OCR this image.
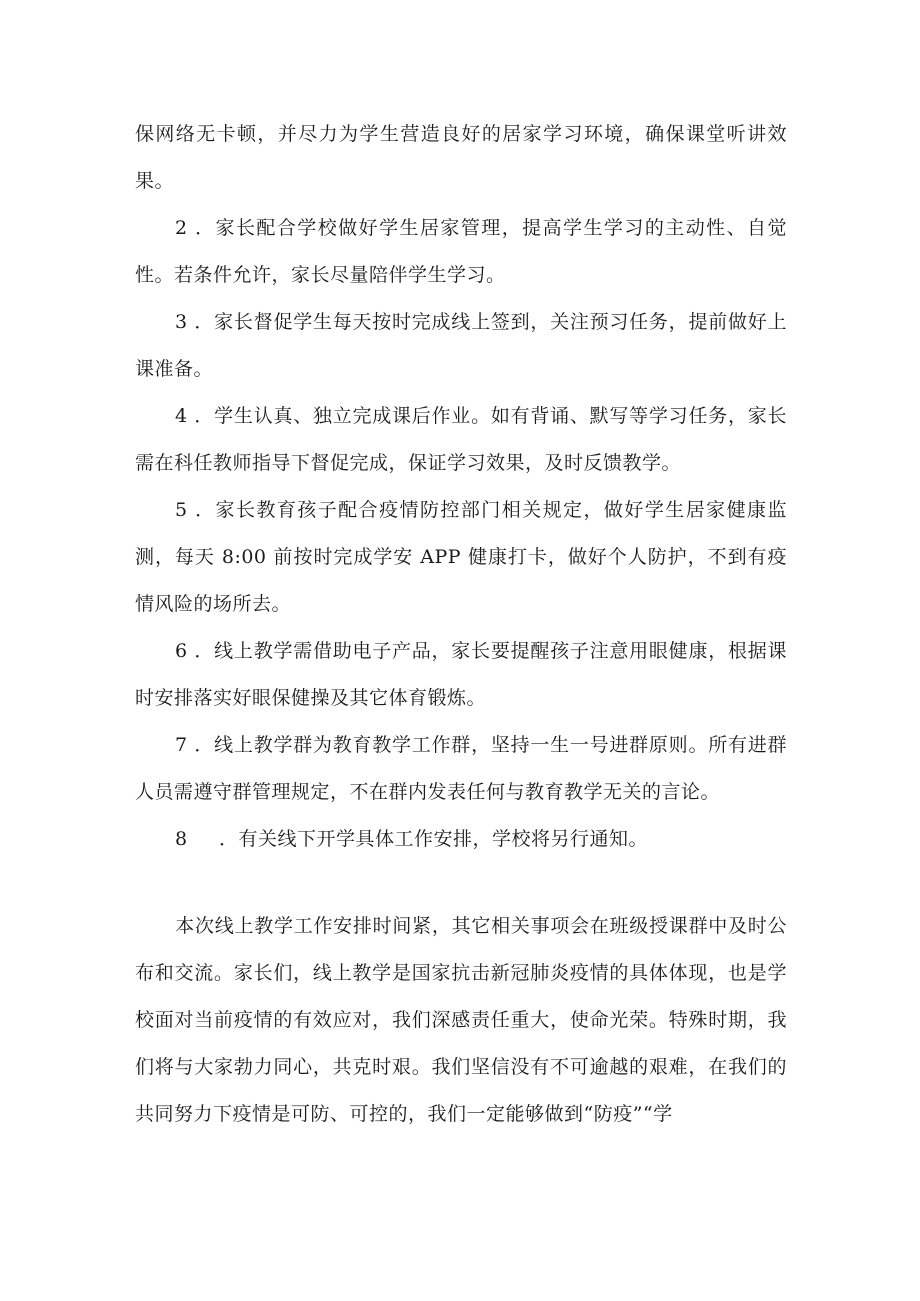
保网络无卡顿，并尽力为学生营造良好的居家学习环境，确保课堂听讲效果。

2 ．家长配合学校做好学生居家管理，提高学生学习的主动性、自觉性。若条件允许，家长尽量陪伴学生学习。

3 ．家长督促学生每天按时完成线上签到，关注预习任务，提前做好上课准备。

4 ．学生认真、独立完成课后作业。如有背诵、默写等学习任务，家长需在科任教师指导下督促完成，保证学习效果，及时反馈教学。

5 ．家长教育孩子配合疫情防控部门相关规定，做好学生居家健康监测，每天 8:00 前按时完成学安 APP 健康打卡，做好个人防护，不到有疫情风险的场所去。

6 ．线上教学需借助电子产品，家长要提醒孩子注意用眼健康，根据课时安排落实好眼保健操及其它体育锻炼。

7 ．线上教学群为教育教学工作群，坚持一生一号进群原则。所有进群人员需遵守群管理规定，不在群内发表任何与教育教学无关的言论。

8 ．有关线下开学具体工作安排，学校将另行通知。

本次线上教学工作安排时间紧，其它相关事项会在班级授课群中及时公布和交流。家长们，线上教学是国家抗击新冠肺炎疫情的具体体现，也是学校面对当前疫情的有效应对，我们深感责任重大，使命光荣。特殊时期，我们将与大家勃力同心，共克时艰。我们坚信没有不可逾越的艰难，在我们的共同努力下疫情是可防、可控的，我们一定能够做到“防疫”“学
